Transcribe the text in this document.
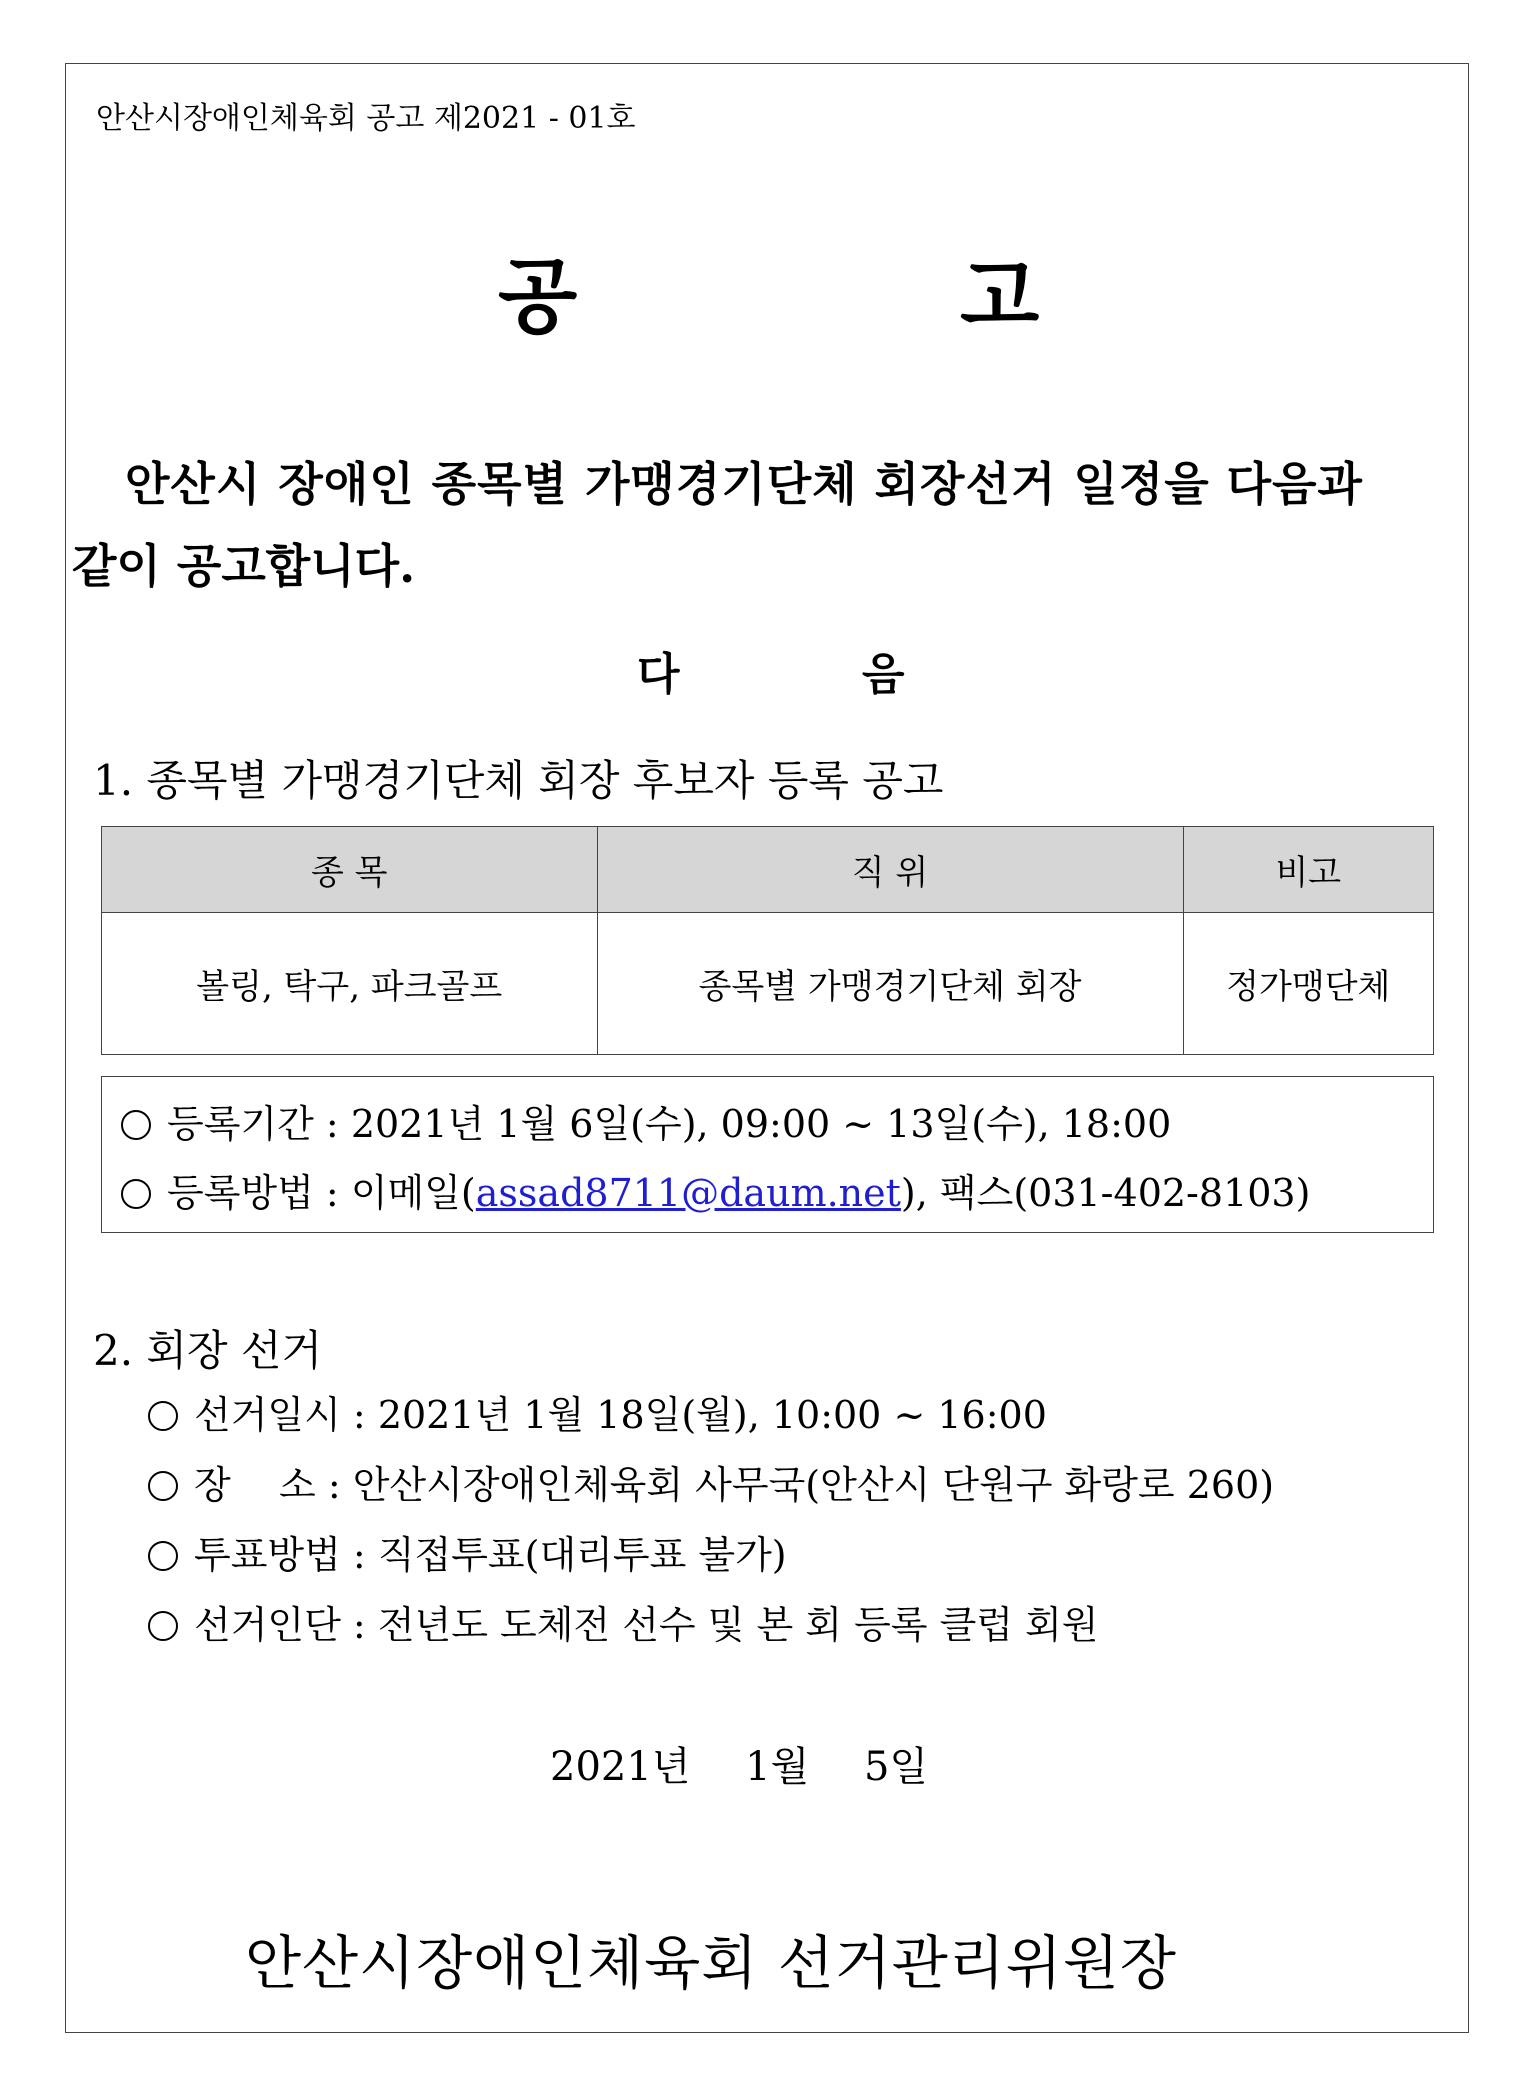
안산시장애인체육회 공고 제2021 - 01호
공	고
안산시 장애인 종목별 가맹경기단체 회장선거 일정을 다음과
같이 공고합니다.
다	음
1. 종목별 가맹경기단체 회장 후보자 등록 공고
종 목	직 위	비고
볼링, 탁구, 파크골프	종목별 가맹경기단체 회장	정가맹단체
등록기간 : 2021년 1월 6일(수), 09:00 ~ 13일(수), 18:00
등록방법 : 이메일(assad8711@daum.net), 팩스(031-402-8103)
2. 회장 선거
선거일시 : 2021년 1월 18일(월), 10:00 ~ 16:00
장    소 : 안산시장애인체육회 사무국(안산시 단원구 화랑로 260)
투표방법 : 직접투표(대리투표 불가)
선거인단 : 전년도 도체전 선수 및 본 회 등록 클럽 회원
2021년 1월 5일
안산시장애인체육회 선거관리위원장
